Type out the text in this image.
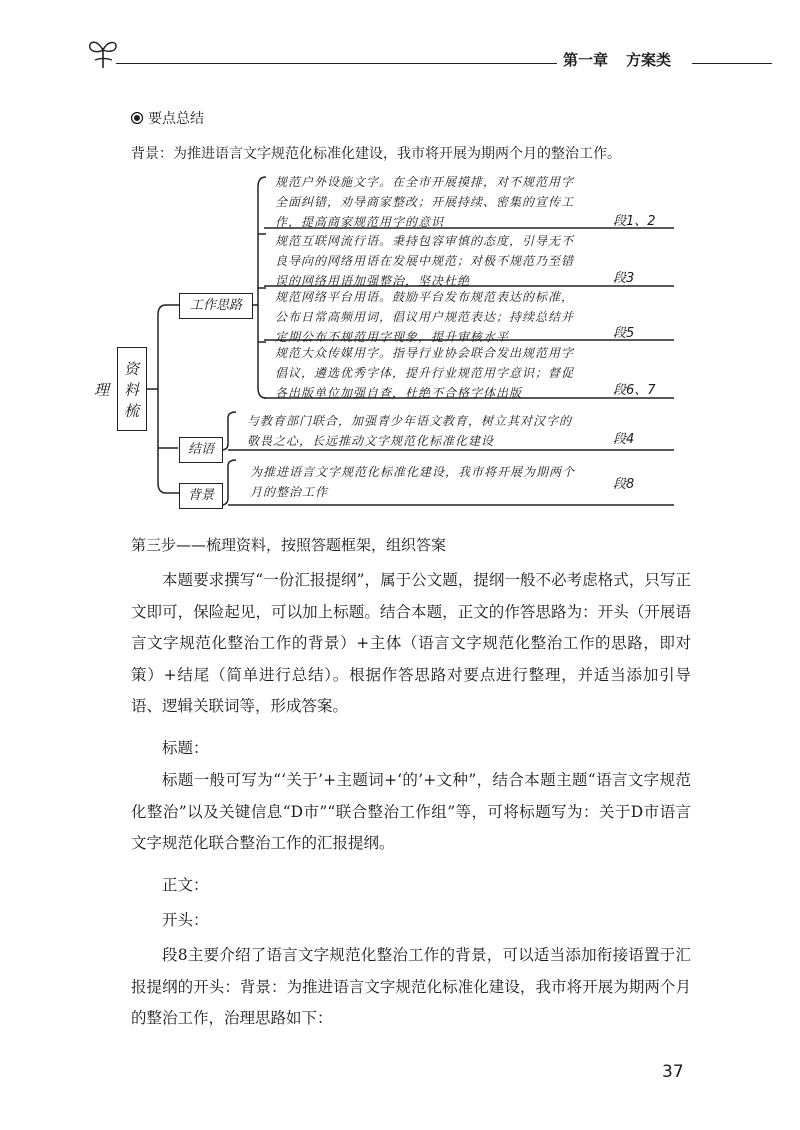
第一章 方案类
要点总结
背景：为推进语言文字规范化标准化建设，我市将开展为期两个月的整治工作。
资料梳理
工作思路
结语
背景
规范户外设施文字。在全市开展摸排，对不规范用字
全面纠错，劝导商家整改；开展持续、密集的宣传工
作，提高商家规范用字的意识	段1、2
规范互联网流行语。秉持包容审慎的态度，引导无不
良导向的网络用语在发展中规范；对极不规范乃至错
误的网络用语加强整治，坚决杜绝	段3
规范网络平台用语。鼓励平台发布规范表达的标准，
公布日常高频用词，倡议用户规范表达；持续总结并
定期公布不规范用字现象，提升审核水平	段5
规范大众传媒用字。指导行业协会联合发出规范用字
倡议，遴选优秀字体，提升行业规范用字意识；督促
各出版单位加强自查，杜绝不合格字体出版	段6、7
与教育部门联合，加强青少年语文教育，树立其对汉字的
敬畏之心，长远推动文字规范化标准化建设	段4
为推进语言文字规范化标准化建设，我市将开展为期两个
月的整治工作	段8
第三步——梳理资料，按照答题框架，组织答案
本题要求撰写“一份汇报提纲”，属于公文题，提纲一般不必考虑格式，只写正文即可，保险起见，可以加上标题。结合本题，正文的作答思路为：开头（开展语言文字规范化整治工作的背景）+主体（语言文字规范化整治工作的思路，即对策）+结尾（简单进行总结）。根据作答思路对要点进行整理，并适当添加引导语、逻辑关联词等，形成答案。
标题：
标题一般可写为“‘关于’+主题词+‘的’+文种”，结合本题主题“语言文字规范化整治”以及关键信息“D市”“联合整治工作组”等，可将标题写为：关于D市语言文字规范化联合整治工作的汇报提纲。
正文：
开头：
段8主要介绍了语言文字规范化整治工作的背景，可以适当添加衔接语置于汇报提纲的开头：背景：为推进语言文字规范化标准化建设，我市将开展为期两个月的整治工作，治理思路如下：
37
